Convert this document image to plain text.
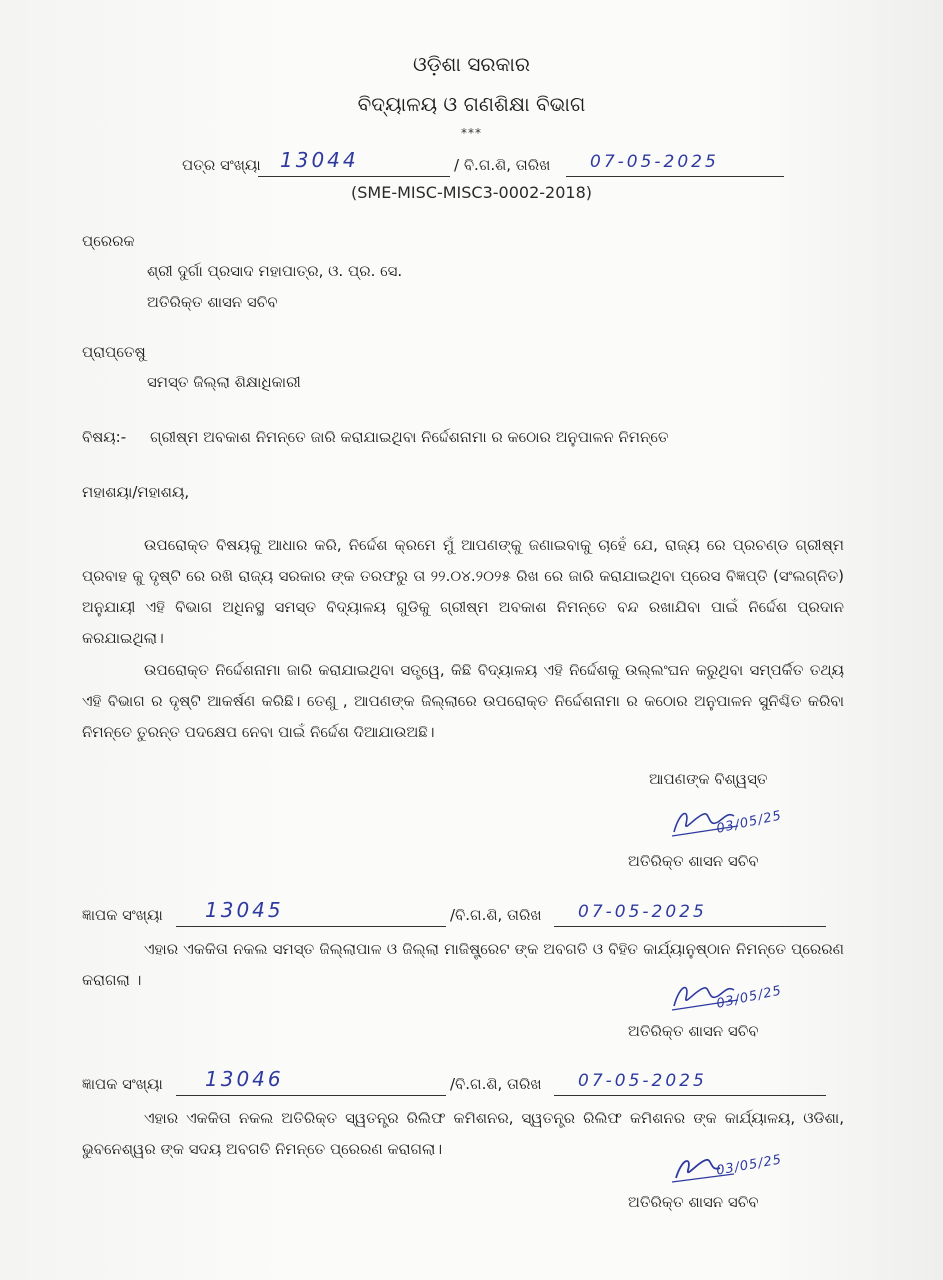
ଓଡ଼ିଶା ସରକାର
ବିଦ୍ୟାଳୟ ଓ ଗଣଶିକ୍ଷା ବିଭାଗ
***
ପତ୍ର ସଂଖ୍ୟା 13044	/ ବି.ଗ.ଶି, ତାରିଖ 07-05-2025
(SME-MISC-MISC3-0002-2018)
ପ୍ରେରକ
ଶ୍ରୀ ଦୁର୍ଗା ପ୍ରସାଦ ମହାପାତ୍ର, ଓ. ପ୍ର. ସେ.
ଅତିରିକ୍ତ ଶାସନ ସଚିବ
ପ୍ରାପ୍ତେଷୁ
ସମସ୍ତ ଜିଲ୍ଲା ଶିକ୍ଷାଧିକାରୀ
ବିଷୟ:- ଗ୍ରୀଷ୍ମ ଅବକାଶ ନିମନ୍ତେ ଜାରି କରାଯାଇଥିବା ନିର୍ଦ୍ଦେଶନାମା ର କଠୋର ଅନୁପାଳନ ନିମନ୍ତେ
ମହାଶୟା/ମହାଶୟ,
ଉପରୋକ୍ତ ବିଷୟକୁ ଆଧାର କରି, ନିର୍ଦ୍ଦେଶ କ୍ରମେ ମୁଁ ଆପଣଙ୍କୁ ଜଣାଇବାକୁ ଚାହେଁ ଯେ, ରାଜ୍ୟ ରେ ପ୍ରଚଣ୍ଡ ଗ୍ରୀଷ୍ମ ପ୍ରବାହ କୁ ଦୃଷ୍ଟି ରେ ରଖି ରାଜ୍ୟ ସରକାର ଙ୍କ ତରଫରୁ ତା ୨୨.୦୪.୨୦୨୫ ରିଖ ରେ ଜାରି କରାଯାଇଥିବା ପ୍ରେସ ବିଜ୍ଞପ୍ତି (ସଂଲଗ୍ନିତ) ଅନୁଯାୟୀ ଏହି ବିଭାଗ ଅଧିନସ୍ଥ ସମସ୍ତ ବିଦ୍ୟାଳୟ ଗୁଡିକୁ ଗ୍ରୀଷ୍ମ ଅବକାଶ ନିମନ୍ତେ ବନ୍ଦ ରଖାଯିବା ପାଇଁ ନିର୍ଦ୍ଦେଶ ପ୍ରଦାନ କରଯାଇଥିଲା।
ଉପରୋକ୍ତ ନିର୍ଦ୍ଦେଶନାମା ଜାରି କରାଯାଇଥିବା ସତ୍ତ୍ୱେ, କିଛି ବିଦ୍ୟାଳୟ ଏହି ନିର୍ଦ୍ଦେଶକୁ ଉଲ୍ଲଂଘନ କରୁଥିବା ସମ୍ପର୍କିତ ତଥ୍ୟ ଏହି ବିଭାଗ ର ଦୃଷ୍ଟି ଆକର୍ଷଣ କରିଛି। ତେଣୁ , ଆପଣଙ୍କ ଜିଲ୍ଲାରେ ଉପରୋକ୍ତ ନିର୍ଦ୍ଦେଶନାମା ର କଠୋର ଅନୁପାଳନ ସୁନିଶ୍ଚିତ କରିବା ନିମନ୍ତେ ତୁରନ୍ତ ପଦକ୍ଷେପ ନେବା ପାଇଁ ନିର୍ଦ୍ଦେଶ ଦିଆଯାଉଅଛି।
ଆପଣଙ୍କ ବିଶ୍ୱସ୍ତ
03/05/25
ଅତିରିକ୍ତ ଶାସନ ସଚିବ
ଜ୍ଞାପକ ସଂଖ୍ୟା 13045	/ବି.ଗ.ଶି, ତାରିଖ 07-05-2025
ଏହାର ଏକକିତା ନକଲ ସମସ୍ତ ଜିଲ୍ଲାପାଳ ଓ ଜିଲ୍ଲା ମାଜିଷ୍ଟ୍ରେଟ ଙ୍କ ଅବଗତି ଓ ବିହିତ କାର୍ଯ୍ୟାନୁଷ୍ଠାନ ନିମନ୍ତେ ପ୍ରେରଣ କରାଗଲା ।
03/05/25
ଅତିରିକ୍ତ ଶାସନ ସଚିବ
ଜ୍ଞାପକ ସଂଖ୍ୟା 13046	/ବି.ଗ.ଶି, ତାରିଖ 07-05-2025
ଏହାର ଏକକିତା ନକଲ ଅତିରିକ୍ତ ସ୍ୱତନ୍ତ୍ର ରିଲିଫ କମିଶନର, ସ୍ୱତନ୍ତ୍ର ରିଲିଫ କମିଶନର ଙ୍କ କାର୍ଯ୍ୟାଳୟ, ଓଡିଶା, ଭୁବନେଶ୍ୱର ଙ୍କ ସଦୟ ଅବଗତି ନିମନ୍ତେ ପ୍ରେରଣ କରାଗଲା।
03/05/25
ଅତିରିକ୍ତ ଶାସନ ସଚିବ
